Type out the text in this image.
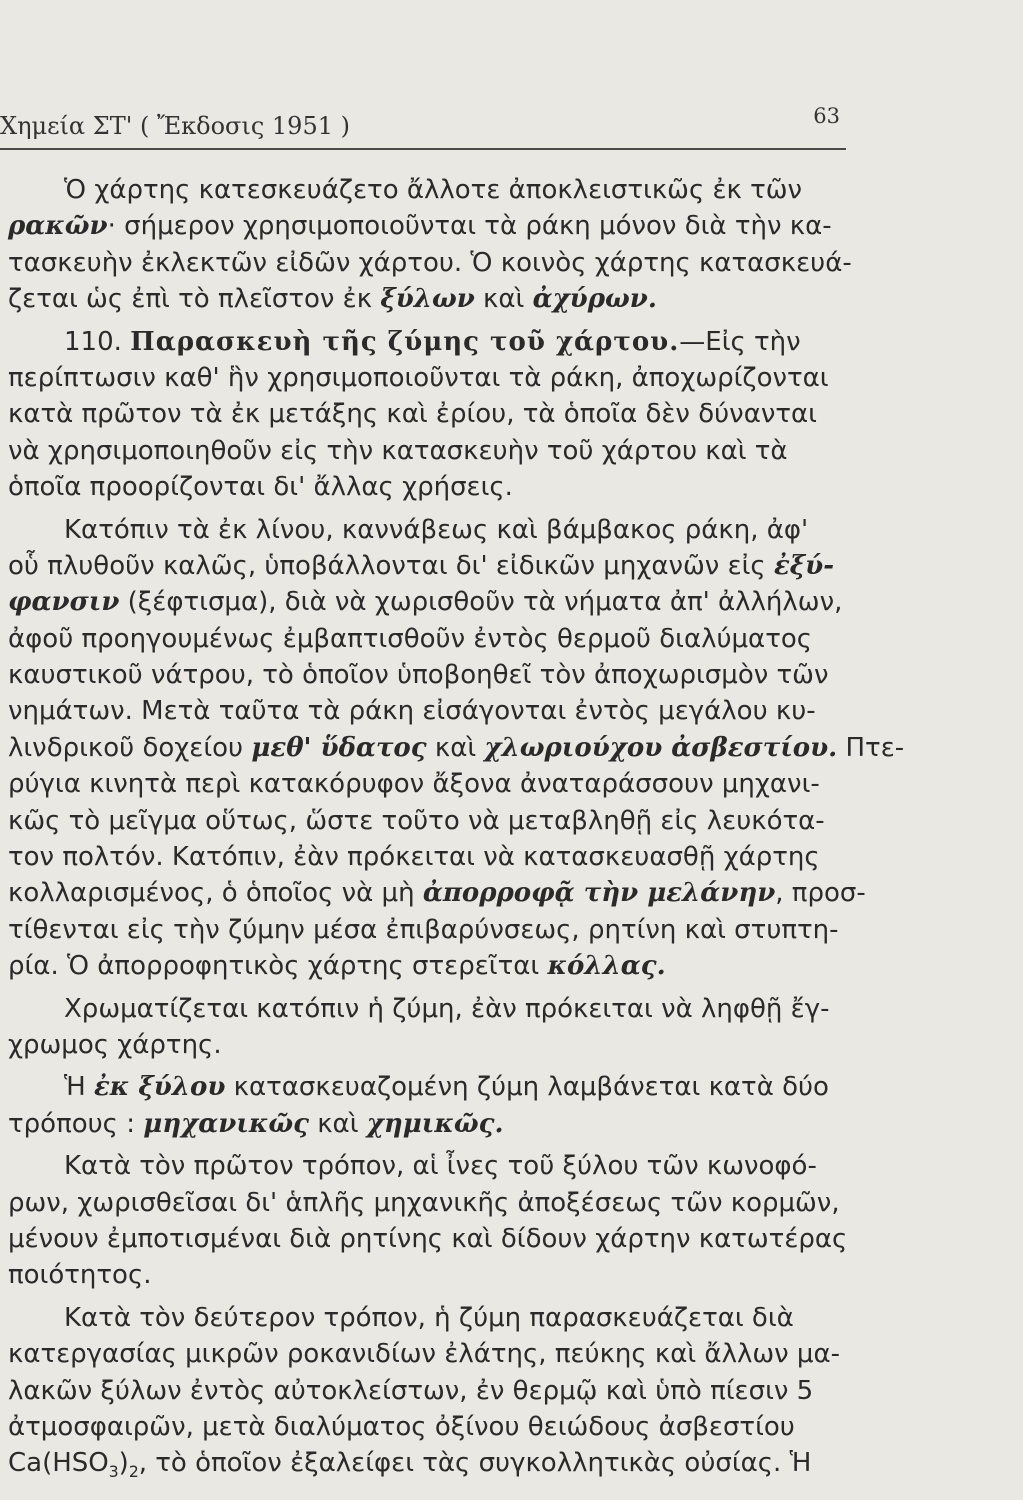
Χημεία ΣΤ' ( Ἔκδοσις 1951 )	63
Ὁ χάρτης κατεσκευάζετο ἄλλοτε ἀποκλειστικῶς ἐκ τῶν
ρακῶν· σήμερον χρησιμοποιοῦνται τὰ ράκη μόνον διὰ τὴν κα-
τασκευὴν ἐκλεκτῶν εἰδῶν χάρτου. Ὁ κοινὸς χάρτης κατασκευά-
ζεται ὡς ἐπὶ τὸ πλεῖστον ἐκ ξύλων καὶ ἀχύρων.
110. Παρασκευὴ τῆς ζύμης τοῦ χάρτου.—Εἰς τὴν
περίπτωσιν καθ' ἣν χρησιμοποιοῦνται τὰ ράκη, ἀποχωρίζονται
κατὰ πρῶτον τὰ ἐκ μετάξης καὶ ἐρίου, τὰ ὁποῖα δὲν δύνανται
νὰ χρησιμοποιηθοῦν εἰς τὴν κατασκευὴν τοῦ χάρτου καὶ τὰ
ὁποῖα προορίζονται δι' ἄλλας χρήσεις.
Κατόπιν τὰ ἐκ λίνου, καννάβεως καὶ βάμβακος ράκη, ἀφ'
οὗ πλυθοῦν καλῶς, ὑποβάλλονται δι' εἰδικῶν μηχανῶν εἰς ἐξύ-
φανσιν (ξέφτισμα), διὰ νὰ χωρισθοῦν τὰ νήματα ἀπ' ἀλλήλων,
ἀφοῦ προηγουμένως ἐμβαπτισθοῦν ἐντὸς θερμοῦ διαλύματος
καυστικοῦ νάτρου, τὸ ὁποῖον ὑποβοηθεῖ τὸν ἀποχωρισμὸν τῶν
νημάτων. Μετὰ ταῦτα τὰ ράκη εἰσάγονται ἐντὸς μεγάλου κυ-
λινδρικοῦ δοχείου μεθ' ὕδατος καὶ χλωριούχου ἀσβεστίου. Πτε-
ρύγια κινητὰ περὶ κατακόρυφον ἄξονα ἀναταράσσουν μηχανι-
κῶς τὸ μεῖγμα οὕτως, ὥστε τοῦτο νὰ μεταβληθῇ εἰς λευκότα-
τον πολτόν. Κατόπιν, ἐὰν πρόκειται νὰ κατασκευασθῇ χάρτης
κολλαρισμένος, ὁ ὁποῖος νὰ μὴ ἀπορροφᾷ τὴν μελάνην, προσ-
τίθενται εἰς τὴν ζύμην μέσα ἐπιβαρύνσεως, ρητίνη καὶ στυπτη-
ρία. Ὁ ἀπορροφητικὸς χάρτης στερεῖται κόλλας.
Χρωματίζεται κατόπιν ἡ ζύμη, ἐὰν πρόκειται νὰ ληφθῇ ἔγ-
χρωμος χάρτης.
Ἡ ἐκ ξύλου κατασκευαζομένη ζύμη λαμβάνεται κατὰ δύο
τρόπους : μηχανικῶς καὶ χημικῶς.
Κατὰ τὸν πρῶτον τρόπον, αἱ ἶνες τοῦ ξύλου τῶν κωνοφό-
ρων, χωρισθεῖσαι δι' ἁπλῆς μηχανικῆς ἀποξέσεως τῶν κορμῶν,
μένουν ἐμποτισμέναι διὰ ρητίνης καὶ δίδουν χάρτην κατωτέρας
ποιότητος.
Κατὰ τὸν δεύτερον τρόπον, ἡ ζύμη παρασκευάζεται διὰ
κατεργασίας μικρῶν ροκανιδίων ἐλάτης, πεύκης καὶ ἄλλων μα-
λακῶν ξύλων ἐντὸς αὐτοκλείστων, ἐν θερμῷ καὶ ὑπὸ πίεσιν 5
ἀτμοσφαιρῶν, μετὰ διαλύματος ὀξίνου θειώδους ἀσβεστίου
$Ca(HSO_3)_2$, τὸ ὁποῖον ἐξαλείφει τὰς συγκολλητικὰς οὐσίας. Ἡ
